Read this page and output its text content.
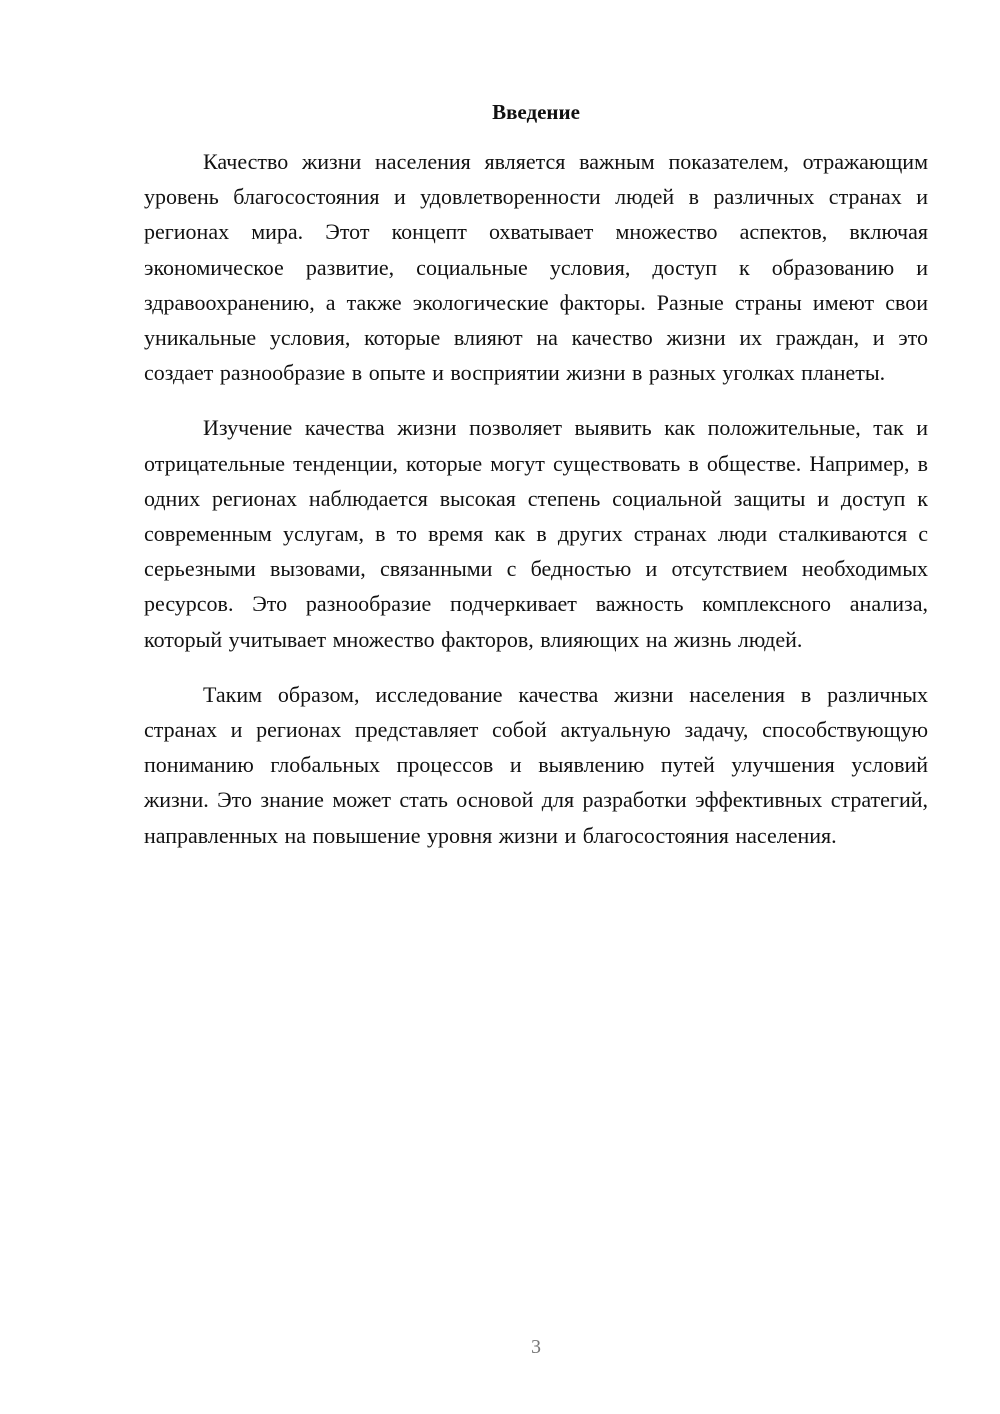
Введение

Качество жизни населения является важным показателем, отражающим уровень благосостояния и удовлетворенности людей в различных странах и регионах мира. Этот концепт охватывает множество аспектов, включая экономическое развитие, социальные условия, доступ к образованию и здравоохранению, а также экологические факторы. Разные страны имеют свои уникальные условия, которые влияют на качество жизни их граждан, и это создает разнообразие в опыте и восприятии жизни в разных уголках планеты.

Изучение качества жизни позволяет выявить как положительные, так и отрицательные тенденции, которые могут существовать в обществе. Например, в одних регионах наблюдается высокая степень социальной защиты и доступ к современным услугам, в то время как в других странах люди сталкиваются с серьезными вызовами, связанными с бедностью и отсутствием необходимых ресурсов. Это разнообразие подчеркивает важность комплексного анализа, который учитывает множество факторов, влияющих на жизнь людей.

Таким образом, исследование качества жизни населения в различных странах и регионах представляет собой актуальную задачу, способствующую пониманию глобальных процессов и выявлению путей улучшения условий жизни. Это знание может стать основой для разработки эффективных стратегий, направленных на повышение уровня жизни и благосостояния населения.

3
